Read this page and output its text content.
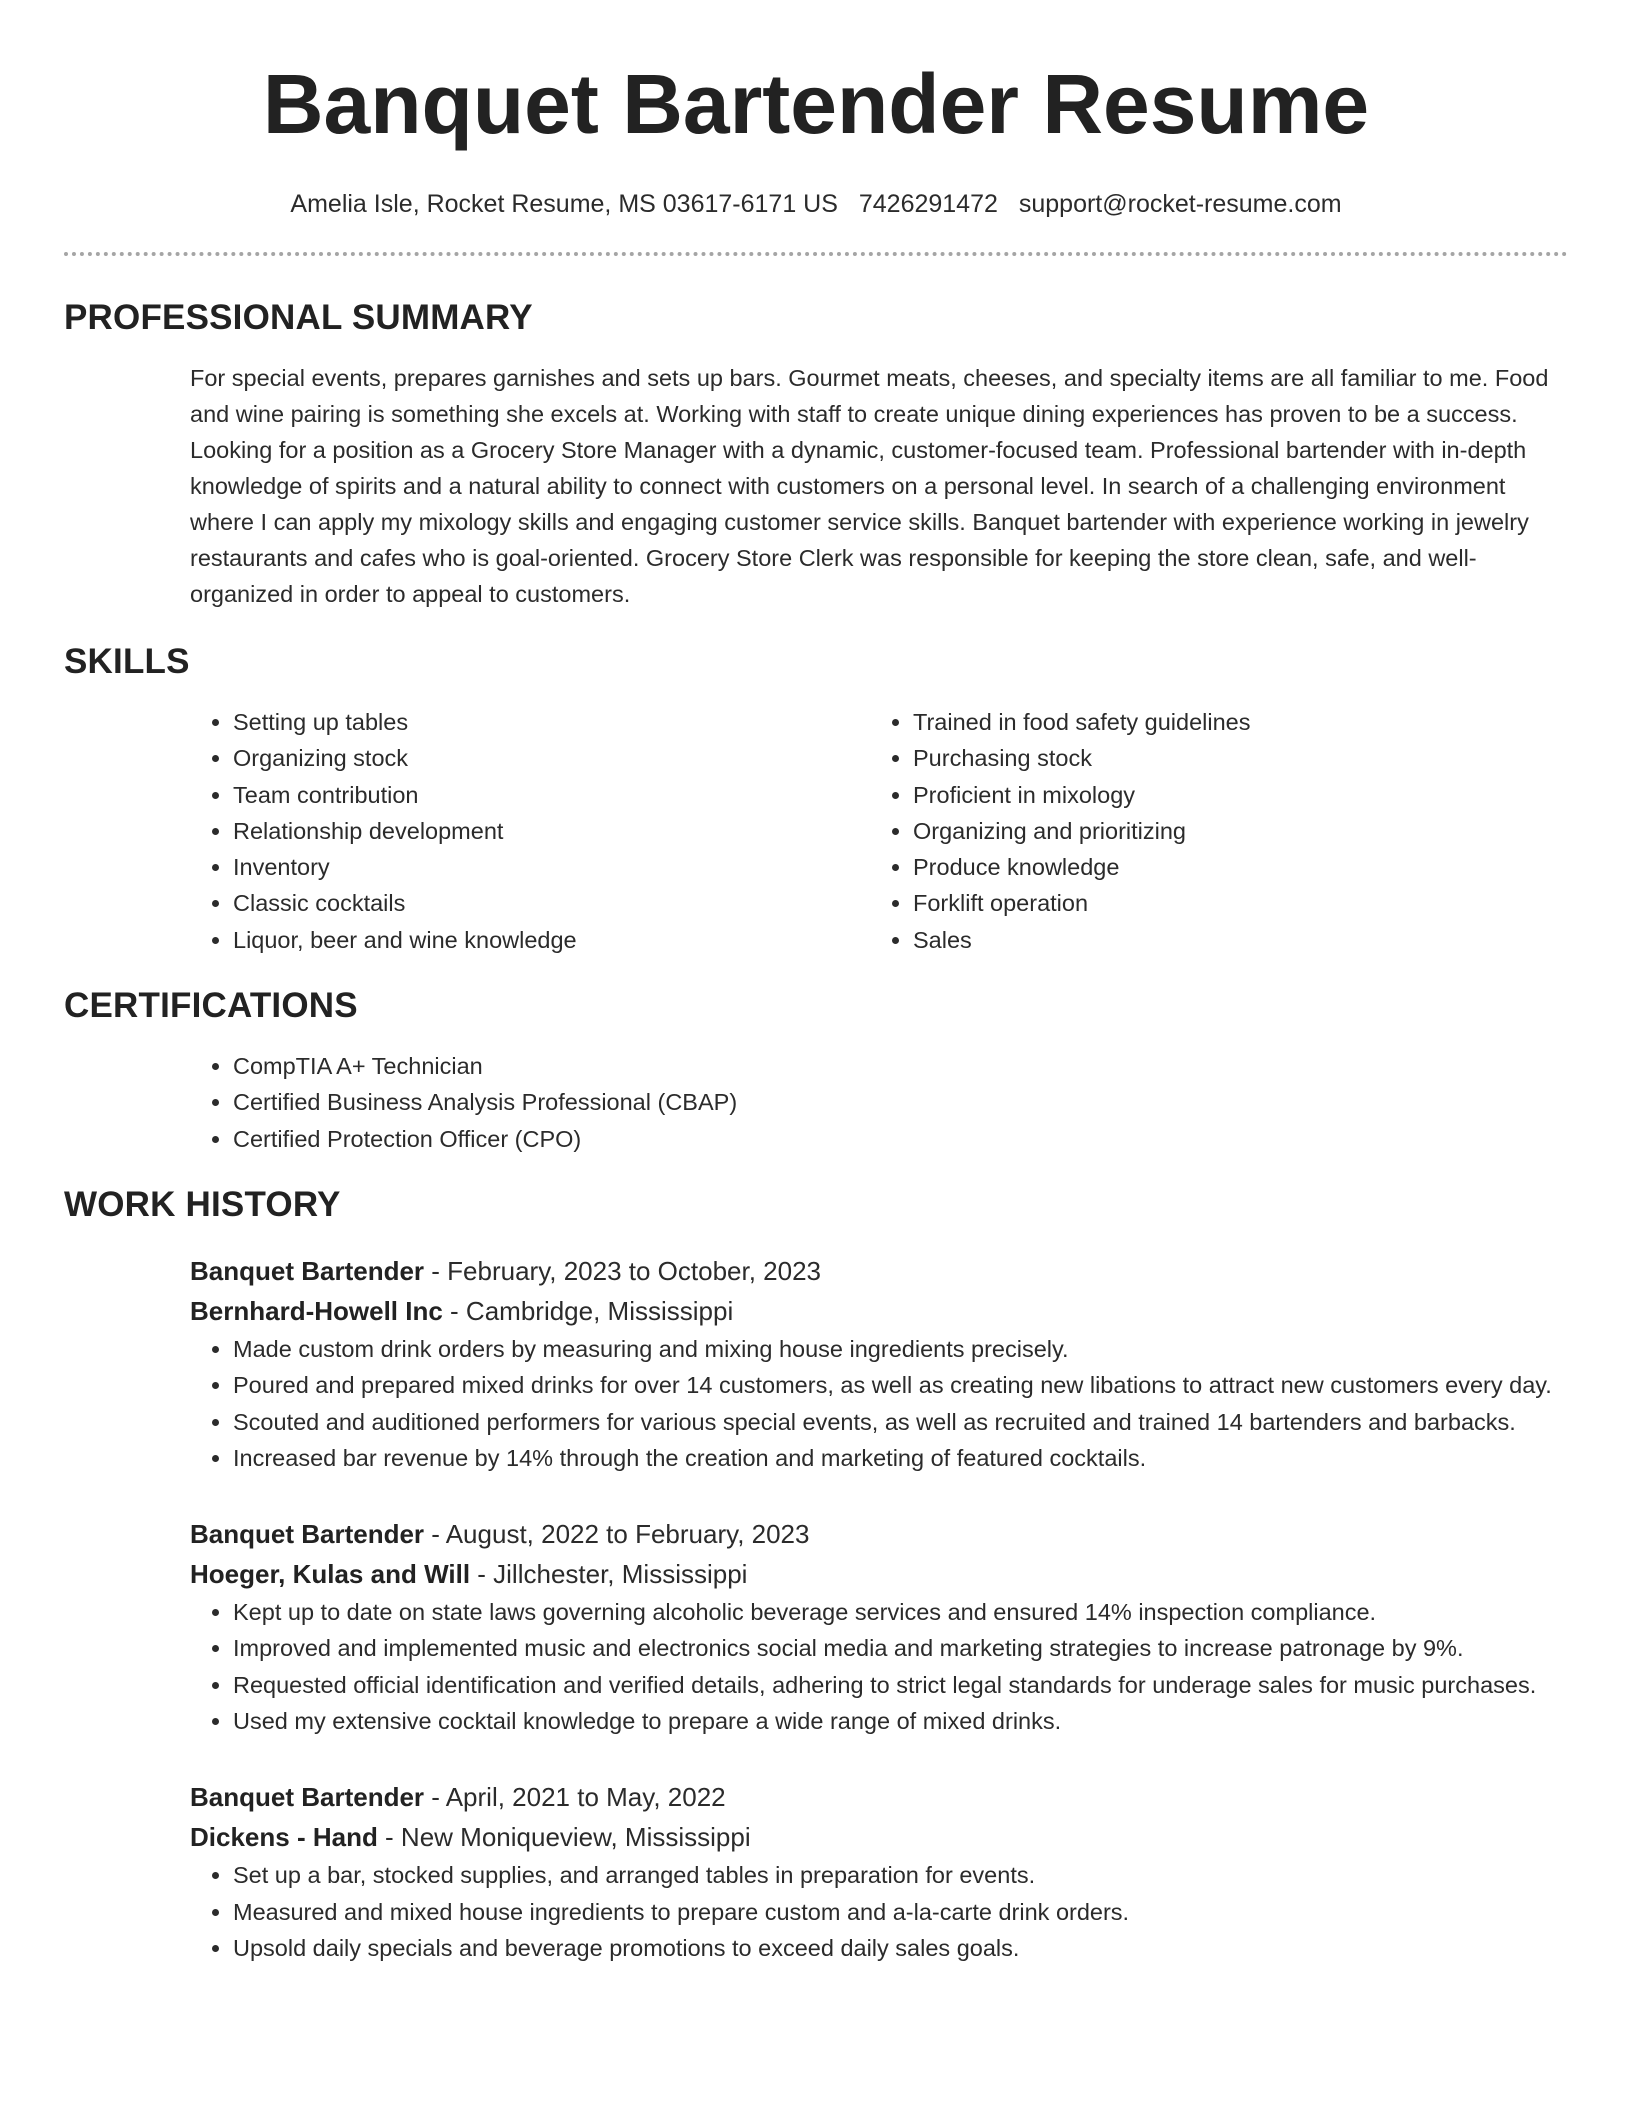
Banquet Bartender Resume
Amelia Isle, Rocket Resume, MS 03617-6171 US 7426291472 support@rocket-resume.com
PROFESSIONAL SUMMARY
For special events, prepares garnishes and sets up bars. Gourmet meats, cheeses, and specialty items are all familiar to me. Food and wine pairing is something she excels at. Working with staff to create unique dining experiences has proven to be a success. Looking for a position as a Grocery Store Manager with a dynamic, customer-focused team. Professional bartender with in-depth knowledge of spirits and a natural ability to connect with customers on a personal level. In search of a challenging environment where I can apply my mixology skills and engaging customer service skills. Banquet bartender with experience working in jewelry restaurants and cafes who is goal-oriented. Grocery Store Clerk was responsible for keeping the store clean, safe, and well-organized in order to appeal to customers.
SKILLS
• Setting up tables
• Organizing stock
• Team contribution
• Relationship development
• Inventory
• Classic cocktails
• Liquor, beer and wine knowledge
• Trained in food safety guidelines
• Purchasing stock
• Proficient in mixology
• Organizing and prioritizing
• Produce knowledge
• Forklift operation
• Sales
CERTIFICATIONS
• CompTIA A+ Technician
• Certified Business Analysis Professional (CBAP)
• Certified Protection Officer (CPO)
WORK HISTORY
Banquet Bartender - February, 2023 to October, 2023
Bernhard-Howell Inc - Cambridge, Mississippi
• Made custom drink orders by measuring and mixing house ingredients precisely.
• Poured and prepared mixed drinks for over 14 customers, as well as creating new libations to attract new customers every day.
• Scouted and auditioned performers for various special events, as well as recruited and trained 14 bartenders and barbacks.
• Increased bar revenue by 14% through the creation and marketing of featured cocktails.
Banquet Bartender - August, 2022 to February, 2023
Hoeger, Kulas and Will - Jillchester, Mississippi
• Kept up to date on state laws governing alcoholic beverage services and ensured 14% inspection compliance.
• Improved and implemented music and electronics social media and marketing strategies to increase patronage by 9%.
• Requested official identification and verified details, adhering to strict legal standards for underage sales for music purchases.
• Used my extensive cocktail knowledge to prepare a wide range of mixed drinks.
Banquet Bartender - April, 2021 to May, 2022
Dickens - Hand - New Moniqueview, Mississippi
• Set up a bar, stocked supplies, and arranged tables in preparation for events.
• Measured and mixed house ingredients to prepare custom and a-la-carte drink orders.
• Upsold daily specials and beverage promotions to exceed daily sales goals.
